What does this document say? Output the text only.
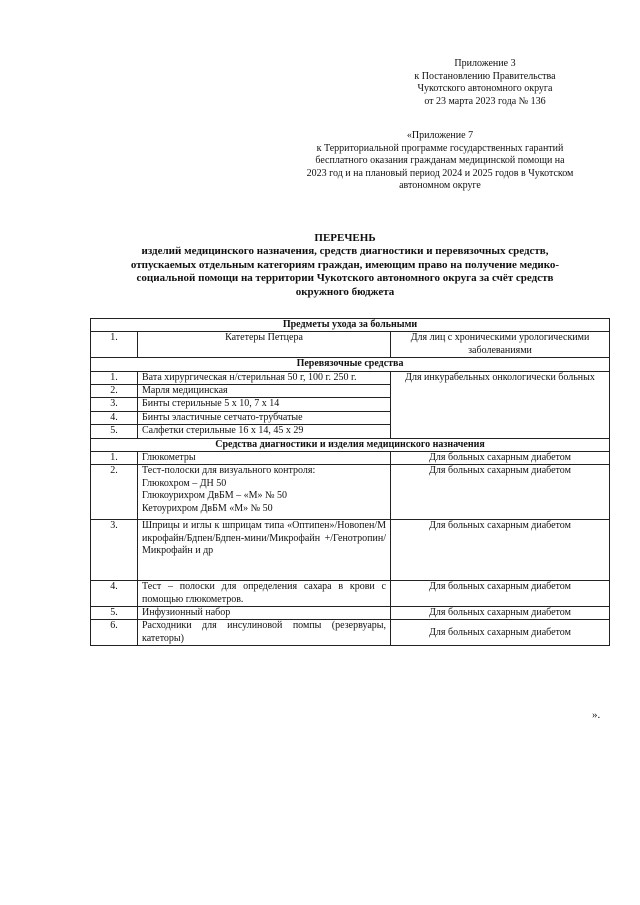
Приложение 3
к Постановлению Правительства
Чукотского автономного округа
от 23 марта 2023 года № 136
«Приложение 7
к Территориальной программе государственных гарантий
бесплатного оказания гражданам медицинской помощи на
2023 год и на плановый период 2024 и 2025 годов в Чукотском
автономном округе
ПЕРЕЧЕНЬ
изделий медицинского назначения, средств диагностики и перевязочных средств,
отпускаемых отдельным категориям граждан, имеющим право на получение медико-
социальной помощи на территории Чукотского автономного округа за счёт средств
окружного бюджета
Предметы ухода за больными		
1.	Катетеры Петцера	Для лиц с хроническими урологическими заболеваниями
Перевязочные средства		
1.	Вата хирургическая н/стерильная 50 г, 100 г. 250 г.	Для инкурабельных онкологически больных
2.	Марля медицинская	
3.	Бинты стерильные 5 х 10, 7 х 14	
4.	Бинты эластичные сетчато-трубчатые	
5.	Салфетки стерильные 16 х 14, 45 х 29	
Средства диагностики и изделия медицинского назначения		
1.	Глюкометры	Для больных сахарным диабетом
2.	Тест-полоски для визуального контроля:
Глюкохром – ДН 50
Глюкоурихром ДвБМ – «М» № 50
Кетоурихром ДвБМ «М» № 50	Для больных сахарным диабетом
3.	Шприцы и иглы к шприцам типа «Оптипен»/Новопен/Микрофайн/Бдпен/Бдпен-мини/Микрофайн +/Генотропин/Микрофайн и др	Для больных сахарным диабетом
4.	Тест – полоски для определения сахара в крови с помощью глюкометров.	Для больных сахарным диабетом
5.	Инфузионный набор	Для больных сахарным диабетом
6.	Расходники для инсулиновой помпы (резервуары, катеторы)	Для больных сахарным диабетом
».
